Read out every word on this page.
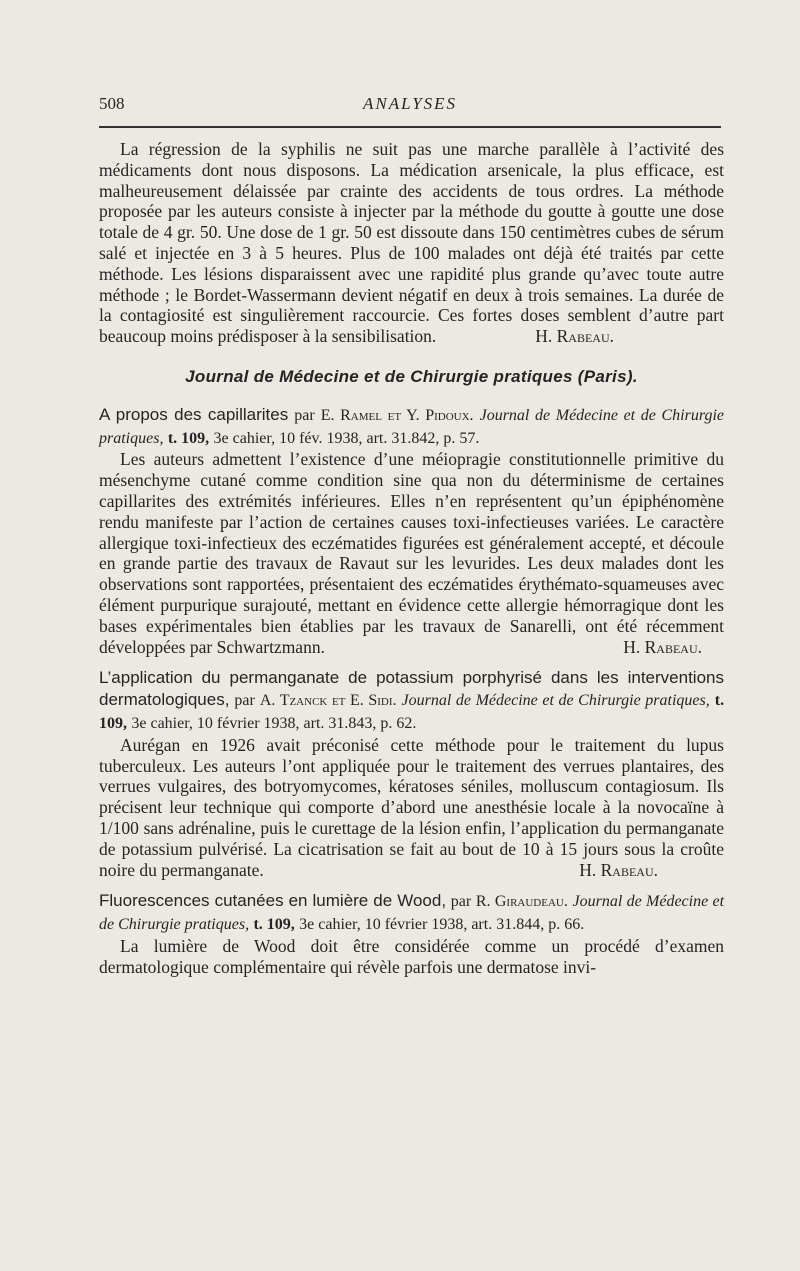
508	ANALYSES

La régression de la syphilis ne suit pas une marche parallèle à l’activité des médicaments dont nous disposons. La médication arsenicale, la plus efficace, est malheureusement délaissée par crainte des accidents de tous ordres. La méthode proposée par les auteurs consiste à injecter par la méthode du goutte à goutte une dose totale de 4 gr. 50. Une dose de 1 gr. 50 est dissoute dans 150 centimètres cubes de sérum salé et injectée en 3 à 5 heures. Plus de 100 malades ont déjà été traités par cette méthode. Les lésions disparaissent avec une rapidité plus grande qu’avec toute autre méthode ; le Bordet-Wassermann devient négatif en deux à trois semaines. La durée de la contagiosité est singulièrement raccourcie. Ces fortes doses semblent d’autre part beaucoup moins prédisposer à la sensibilisation.	H. Rabeau.

Journal de Médecine et de Chirurgie pratiques (Paris).

A propos des capillarites par E. Ramel et Y. Pidoux. Journal de Médecine et de Chirurgie pratiques, t. 109, 3e cahier, 10 fév. 1938, art. 31.842, p. 57.

Les auteurs admettent l’existence d’une méiopragie constitutionnelle primitive du mésenchyme cutané comme condition sine qua non du déterminisme de certaines capillarites des extrémités inférieures. Elles n’en représentent qu’un épiphénomène rendu manifeste par l’action de certaines causes toxi-infectieuses variées. Le caractère allergique toxi-infectieux des eczématides figurées est généralement accepté, et découle en grande partie des travaux de Ravaut sur les levurides. Les deux malades dont les observations sont rapportées, présentaient des eczématides érythémato-squameuses avec élément purpurique surajouté, mettant en évidence cette allergie hémorragique dont les bases expérimentales bien établies par les travaux de Sanarelli, ont été récemment développées par Schwartzmann.	H. Rabeau.

L’application du permanganate de potassium porphyrisé dans les interventions dermatologiques, par A. Tzanck et E. Sidi. Journal de Médecine et de Chirurgie pratiques, t. 109, 3e cahier, 10 février 1938, art. 31.843, p. 62.

Aurégan en 1926 avait préconisé cette méthode pour le traitement du lupus tuberculeux. Les auteurs l’ont appliquée pour le traitement des verrues plantaires, des verrues vulgaires, des botryomycomes, kératoses séniles, molluscum contagiosum. Ils précisent leur technique qui comporte d’abord une anesthésie locale à la novocaïne à 1/100 sans adrénaline, puis le curettage de la lésion enfin, l’application du permanganate de potassium pulvérisé. La cicatrisation se fait au bout de 10 à 15 jours sous la croûte noire du permanganate.	H. Rabeau.

Fluorescences cutanées en lumière de Wood, par R. Giraudeau. Journal de Médecine et de Chirurgie pratiques, t. 109, 3e cahier, 10 février 1938, art. 31.844, p. 66.

La lumière de Wood doit être considérée comme un procédé d’examen dermatologique complémentaire qui révèle parfois une dermatose invi-
